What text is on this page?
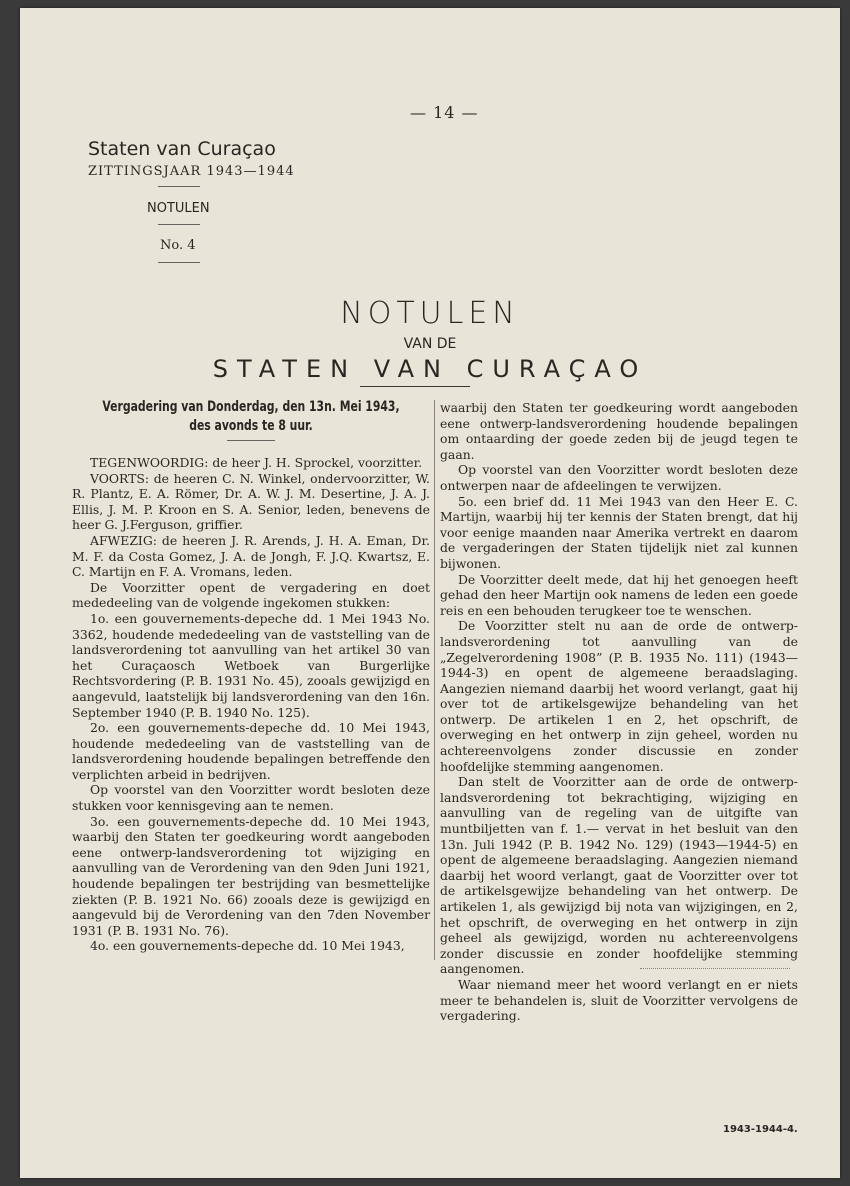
— 14 —
Staten van Curaçao
ZITTINGSJAAR 1943—1944
NOTULEN
No. 4
NOTULEN
VAN DE
STATEN VAN CURAÇAO
Vergadering van Donderdag, den 13n. Mei 1943, des avonds te 8 uur.

TEGENWOORDIG: de heer J. H. Sprockel, voorzitter.

VOORTS: de heeren C. N. Winkel, ondervoorzitter, W. R. Plantz, E. A. Römer, Dr. A. W. J. M. Desertine, J. A. J. Ellis, J. M. P. Kroon en S. A. Senior, leden, benevens de heer G. J.Ferguson, griffier.

AFWEZIG: de heeren J. R. Arends, J. H. A. Eman, Dr. M. F. da Costa Gomez, J. A. de Jongh, F. J.Q. Kwartsz, E. C. Martijn en F. A. Vromans, leden.

De Voorzitter opent de vergadering en doet mededeeling van de volgende ingekomen stukken:

1o. een gouvernements-depeche dd. 1 Mei 1943 No. 3362, houdende mededeeling van de vaststelling van de landsverordening tot aanvulling van het artikel 30 van het Curaçaosch Wetboek van Burgerlijke Rechtsvordering (P. B. 1931 No. 45), zooals gewijzigd en aangevuld, laatstelijk bij landsverordening van den 16n. September 1940 (P. B. 1940 No. 125).

2o. een gouvernements-depeche dd. 10 Mei 1943, houdende mededeeling van de vaststelling van de landsverordening houdende bepalingen betreffende den verplichten arbeid in bedrijven.

Op voorstel van den Voorzitter wordt besloten deze stukken voor kennisgeving aan te nemen.

3o. een gouvernements-depeche dd. 10 Mei 1943, waarbij den Staten ter goedkeuring wordt aangeboden eene ontwerp-landsverordening tot wijziging en aanvulling van de Verordening van den 9den Juni 1921, houdende bepalingen ter bestrijding van besmettelijke ziekten (P. B. 1921 No. 66) zooals deze is gewijzigd en aangevuld bij de Verordening van den 7den November 1931 (P. B. 1931 No. 76).

4o. een gouvernements-depeche dd. 10 Mei 1943,

waarbij den Staten ter goedkeuring wordt aangeboden eene ontwerp-landsverordening houdende bepalingen om ontaarding der goede zeden bij de jeugd tegen te gaan.

Op voorstel van den Voorzitter wordt besloten deze ontwerpen naar de afdeelingen te verwijzen.

5o. een brief dd. 11 Mei 1943 van den Heer E. C. Martijn, waarbij hij ter kennis der Staten brengt, dat hij voor eenige maanden naar Amerika vertrekt en daarom de vergaderingen der Staten tijdelijk niet zal kunnen bijwonen.

De Voorzitter deelt mede, dat hij het genoegen heeft gehad den heer Martijn ook namens de leden een goede reis en een behouden terugkeer toe te wenschen.

De Voorzitter stelt nu aan de orde de ontwerp-landsverordening tot aanvulling van de „Zegelverordening 1908” (P. B. 1935 No. 111) (1943—1944-3) en opent de algemeene beraadslaging. Aangezien niemand daarbij het woord verlangt, gaat hij over tot de artikelsgewijze behandeling van het ontwerp. De artikelen 1 en 2, het opschrift, de overweging en het ontwerp in zijn geheel, worden nu achtereenvolgens zonder discussie en zonder hoofdelijke stemming aangenomen.

Dan stelt de Voorzitter aan de orde de ontwerp-landsverordening tot bekrachtiging, wijziging en aanvulling van de regeling van de uitgifte van muntbiljetten van f. 1.— vervat in het besluit van den 13n. Juli 1942 (P. B. 1942 No. 129) (1943—1944-5) en opent de algemeene beraadslaging. Aangezien niemand daarbij het woord verlangt, gaat de Voorzitter over tot de artikelsgewijze behandeling van het ontwerp. De artikelen 1, als gewijzigd bij nota van wijzigingen, en 2, het opschrift, de overweging en het ontwerp in zijn geheel als gewijzigd, worden nu achtereenvolgens zonder discussie en zonder hoofdelijke stemming aangenomen.

Waar niemand meer het woord verlangt en er niets meer te behandelen is, sluit de Voorzitter vervolgens de vergadering.

1943-1944-4.
